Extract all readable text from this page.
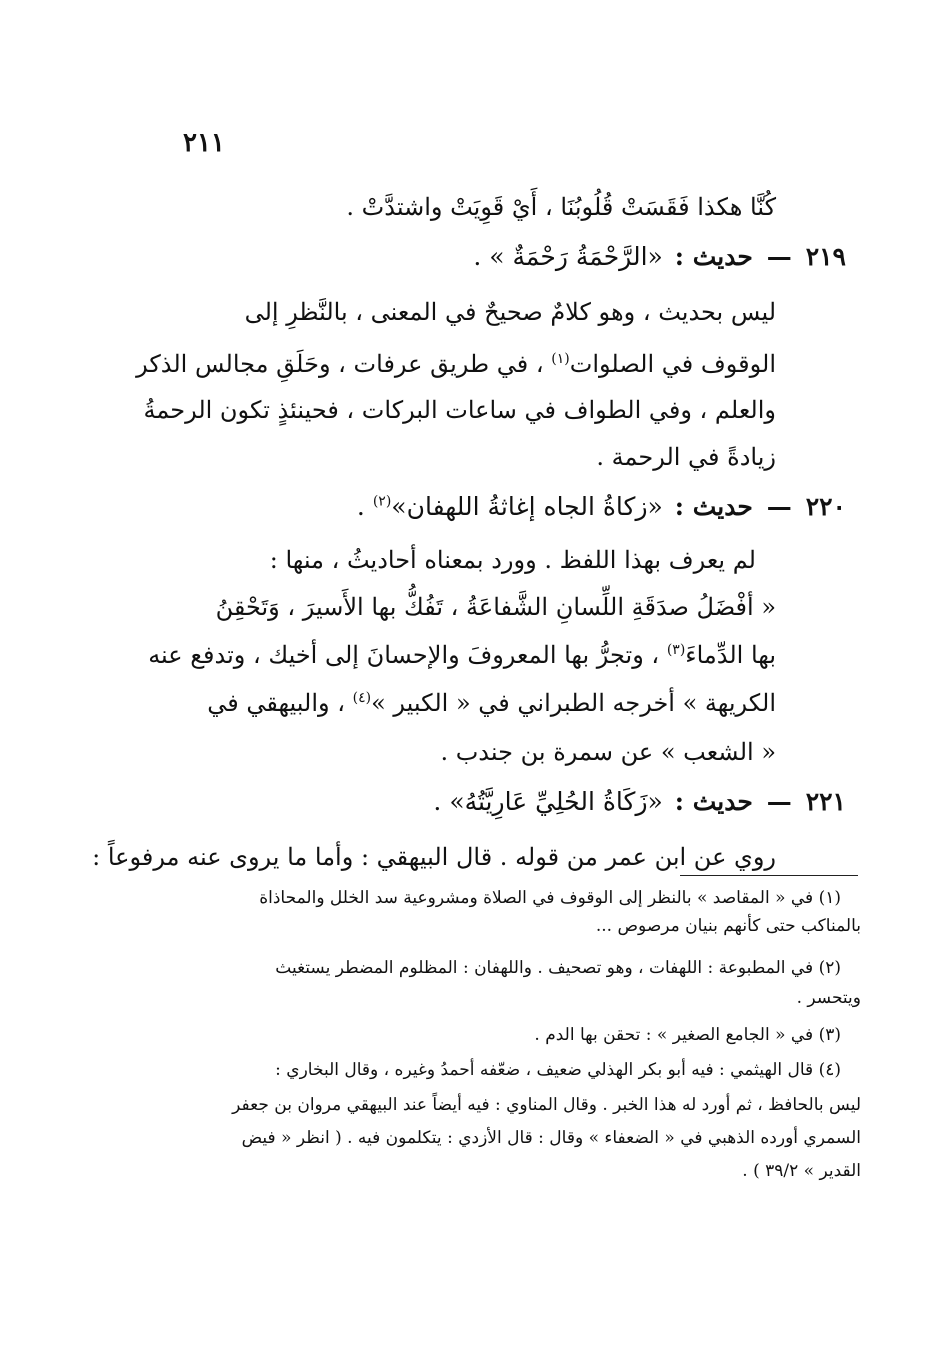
٢١١
كُنَّا هكذا فَقَسَتْ قُلُوبُنَا ، أَيْ قَوِيَتْ واشتدَّتْ .
٢١٩ — حديث : «الرَّحْمَةُ رَحْمَةٌ » .
ليس بحديث ، وهو كلامٌ صحيحٌ في المعنى ، بالنَّظرِ إلى
الوقوف في الصلوات$^{(١)}$ ، في طريق عرفات ، وحَلَقِ مجالس الذكر
والعلم ، وفي الطواف في ساعات البركات ، فحينئذٍ تكون الرحمةُ
زيادةً في الرحمة .
٢٢٠ — حديث : «زكاةُ الجاه إغاثةُ اللهفان»$^{(٢)}$ .
لم يعرف بهذا اللفظ . وورد بمعناه أحاديثُ ، منها :
« أفْضَلُ صدَقَةِ اللِّسانِ الشَّفاعَةُ ، تَفُكُّ بها الأَسيرَ ، وَتَحْقِنُ
بها الدِّماءَ$^{(٣)}$ ، وتجرُّ بها المعروفَ والإحسانَ إلى أخيك ، وتدفع عنه
الكريهة » أخرجه الطبراني في « الكبير »$^{(٤)}$ ، والبيهقي في
« الشعب » عن سمرة بن جندب .
٢٢١ — حديث : «زَكَاةُ الحُلِيِّ عَارِيَّتُهُ» .
روي عن ابن عمر من قوله . قال البيهقي : وأما ما يروى عنه مرفوعاً :
(١) في « المقاصد » بالنظر إلى الوقوف في الصلاة ومشروعية سد الخلل والمحاذاة
بالمناكب حتى كأنهم بنيان مرصوص ...
(٢) في المطبوعة : اللهفات ، وهو تصحيف . واللهفان : المظلوم المضطر يستغيث
ويتحسر .
(٣) في « الجامع الصغير » : تحقن بها الدم .
(٤) قال الهيثمي : فيه أبو بكر الهذلي ضعيف ، ضعّفه أحمدُ وغيره ، وقال البخاري :
ليس بالحافظ ، ثم أورد له هذا الخبر . وقال المناوي : فيه أيضاً عند البيهقي مروان بن جعفر
السمري أورده الذهبي في « الضعفاء » وقال : قال الأزدي : يتكلمون فيه . ( انظر « فيض
القدير » ٣٩/٢ ) .
